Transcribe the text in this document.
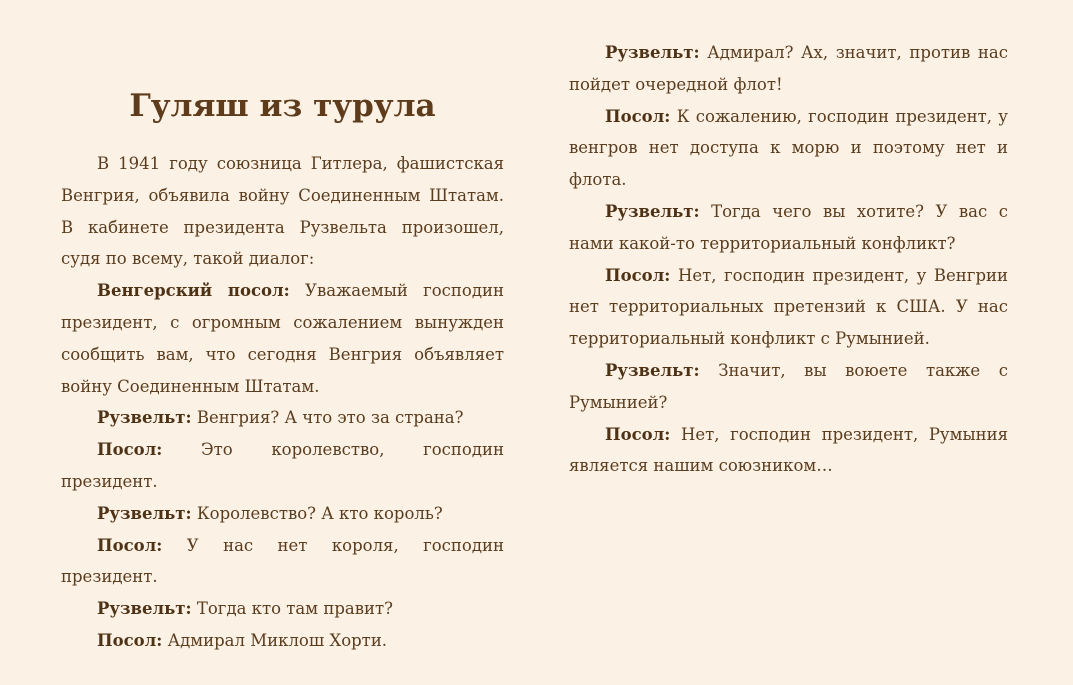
Гуляш из турула

В 1941 году союзница Гитлера, фашистская Венгрия, объявила войну Соединенным Штатам. В кабинете президента Рузвельта произошел, судя по всему, такой диалог:

Венгерский посол: Уважаемый господин президент, с огромным сожалением вынужден сообщить вам, что сегодня Венгрия объявляет войну Соединенным Штатам.

Рузвельт: Венгрия? А что это за страна?

Посол: Это королевство, господин президент.

Рузвельт: Королевство? А кто король?

Посол: У нас нет короля, господин президент.

Рузвельт: Тогда кто там правит?

Посол: Адмирал Миклош Хорти.

Рузвельт: Адмирал? Ах, значит, против нас пойдет очередной флот!

Посол: К сожалению, господин президент, у венгров нет доступа к морю и поэтому нет и флота.

Рузвельт: Тогда чего вы хотите? У вас с нами какой-то территориальный конфликт?

Посол: Нет, господин президент, у Венгрии нет территориальных претензий к США. У нас территориальный конфликт с Румынией.

Рузвельт: Значит, вы воюете также с Румынией?

Посол: Нет, господин президент, Румыния является нашим союзником…
